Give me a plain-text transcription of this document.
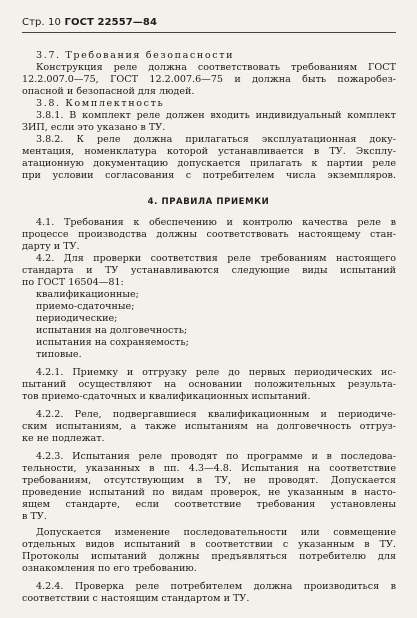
Стр. 10 ГОСТ 22557—84
3.7. Требования безопасности
Конструкция реле должна соответствовать требованиям ГОСТ
12.2.007.0—75, ГОСТ 12.2.007.6—75 и должна быть пожаробез-
опасной и безопасной для людей.
3.8. Комплектность
3.8.1. В комплект реле должен входить индивидуальный комплект
ЗИП, если это указано в ТУ.
3.8.2. К реле должна прилагаться эксплуатационная доку-
ментация, номенклатура которой устанавливается в ТУ. Эксплу-
атационную документацию допускается прилагать к партии реле
при условии согласования с потребителем числа экземпляров.
4. ПРАВИЛА ПРИЕМКИ
4.1. Требования к обеспечению и контролю качества реле в
процессе производства должны соответствовать настоящему стан-
дарту и ТУ.
4.2. Для проверки соответствия реле требованиям настоящего
стандарта и ТУ устанавливаются следующие виды испытаний
по ГОСТ 16504—81:
квалификационные;
приемо-сдаточные;
периодические;
испытания на долговечность;
испытания на сохраняемость;
типовые.
4.2.1. Приемку и отгрузку реле до первых периодических ис-
пытаний осуществляют на основании положительных результа-
тов приемо-сдаточных и квалификационных испытаний.
4.2.2. Реле, подвергавшиеся квалификационным и периодиче-
ским испытаниям, а также испытаниям на долговечность отгруз-
ке не подлежат.
4.2.3. Испытания реле проводят по программе и в последова-
тельности, указанных в пп. 4.3—4.8. Испытания на соответствие
требованиям, отсутствующим в ТУ, не проводят. Допускается
проведение испытаний по видам проверок, не указанным в насто-
ящем стандарте, если соответствие требования установлены
в ТУ.
Допускается изменение последовательности или совмещение
отдельных видов испытаний в соответствии с указанным в ТУ.
Протоколы испытаний должны предъявляться потребителю для
ознакомления по его требованию.
4.2.4. Проверка реле потребителем должна производиться в
соответствии с настоящим стандартом и ТУ.
